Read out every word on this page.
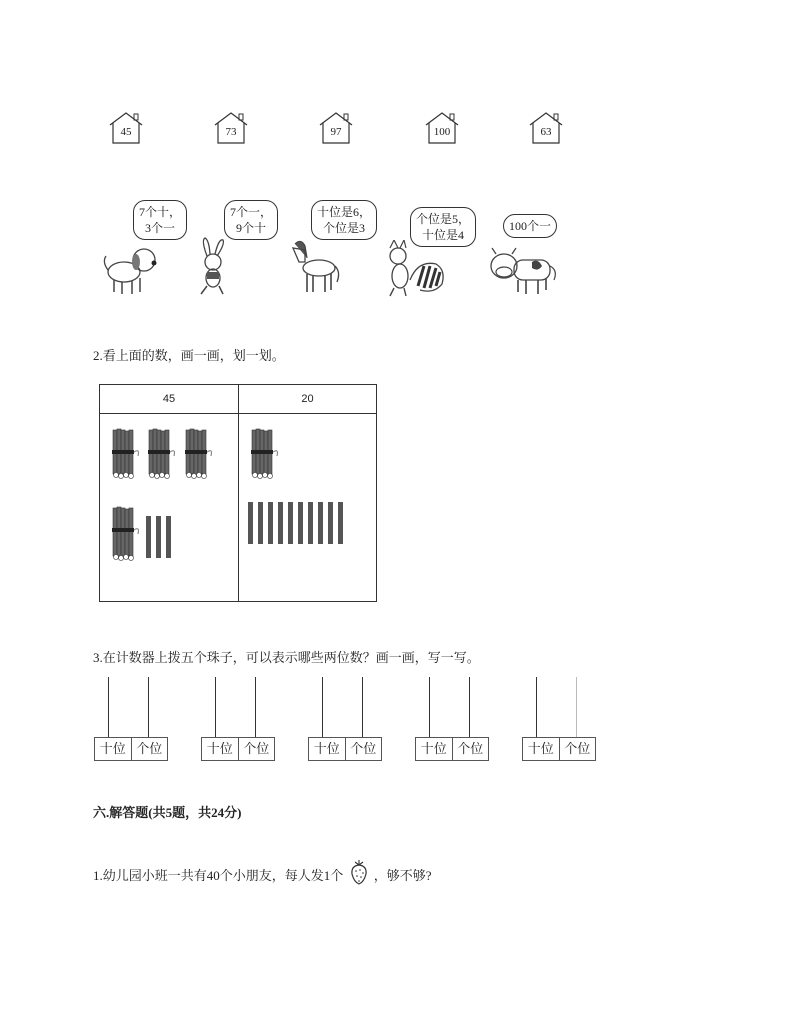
45	73	97	100	63
7个十，
3个一
7个一，
9个十
十位是6，
个位是3
个位是5，
十位是4
100个一
2.看上面的数，画一画，划一划。
45	20
3.在计数器上拨五个珠子，可以表示哪些两位数？画一画，写一写。
十位 个位	十位 个位	十位 个位	十位 个位	十位 个位
六.解答题(共5题，共24分)
1.幼儿园小班一共有40个小朋友，每人发1个 ，够不够?
